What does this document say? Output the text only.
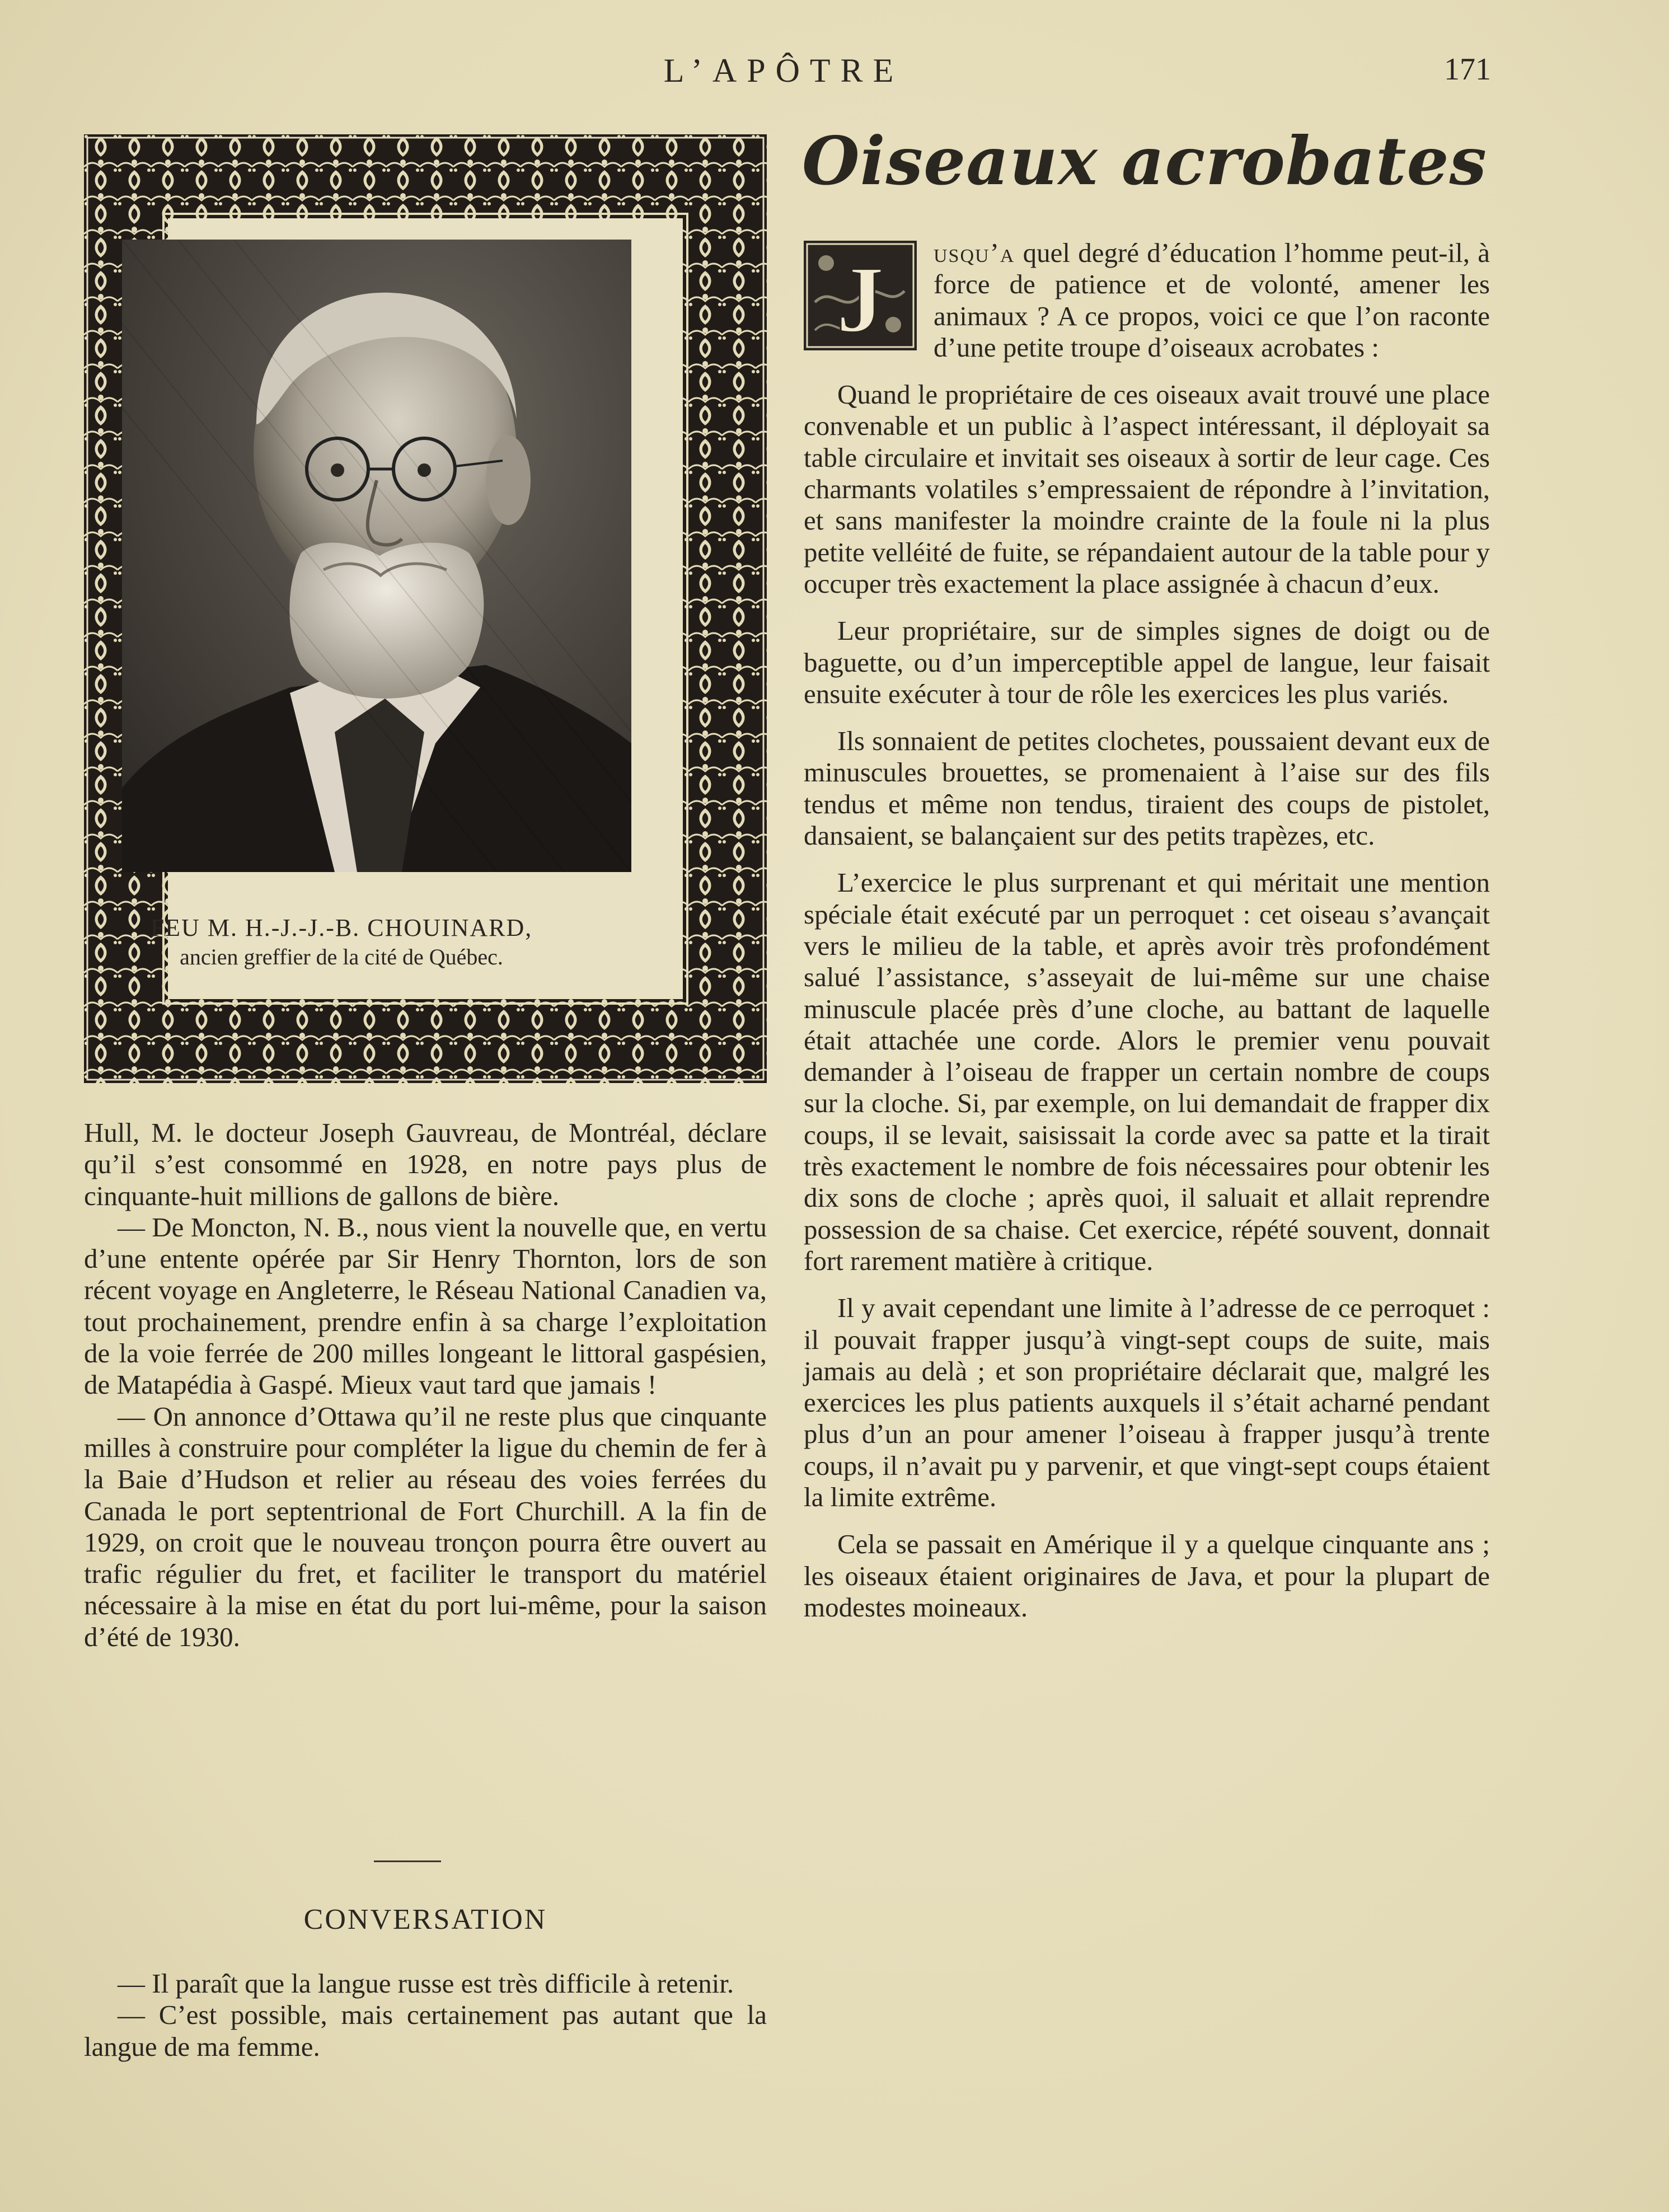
L’APÔTRE	171
FEU M. H.-J.-J.-B. CHOUINARD,
ancien greffier de la cité de Québec.

Hull, M. le docteur Joseph Gauvreau, de Montréal, déclare qu’il s’est consommé en 1928, en notre pays plus de cinquante-huit millions de gallons de bière.

— De Moncton, N. B., nous vient la nouvelle que, en vertu d’une entente opérée par Sir Henry Thornton, lors de son récent voyage en Angleterre, le Réseau National Canadien va, tout prochainement, prendre enfin à sa charge l’exploitation de la voie ferrée de 200 milles longeant le littoral gaspésien, de Matapédia à Gaspé. Mieux vaut tard que jamais !

— On annonce d’Ottawa qu’il ne reste plus que cinquante milles à construire pour compléter la ligue du chemin de fer à la Baie d’Hudson et relier au réseau des voies ferrées du Canada le port septentrional de Fort Churchill. A la fin de 1929, on croit que le nouveau tronçon pourra être ouvert au trafic régulier du fret, et faciliter le transport du matériel nécessaire à la mise en état du port lui-même, pour la saison d’été de 1930.

CONVERSATION

— Il paraît que la langue russe est très difficile à retenir.

— C’est possible, mais certainement pas autant que la langue de ma femme.

Oiseaux acrobates

usqu’a quel degré d’éducation l’homme peut-il, à force de patience et de volonté, amener les animaux ? A ce propos, voici ce que l’on raconte d’une petite troupe d’oiseaux acrobates :

Quand le propriétaire de ces oiseaux avait trouvé une place convenable et un public à l’aspect intéressant, il déployait sa table circulaire et invitait ses oiseaux à sortir de leur cage. Ces charmants volatiles s’empressaient de répondre à l’invitation, et sans manifester la moindre crainte de la foule ni la plus petite velléité de fuite, se répandaient autour de la table pour y occuper très exactement la place assignée à chacun d’eux.

Leur propriétaire, sur de simples signes de doigt ou de baguette, ou d’un imperceptible appel de langue, leur faisait ensuite exécuter à tour de rôle les exercices les plus variés.

Ils sonnaient de petites clochetes, poussaient devant eux de minuscules brouettes, se promenaient à l’aise sur des fils tendus et même non tendus, tiraient des coups de pistolet, dansaient, se balançaient sur des petits trapèzes, etc.

L’exercice le plus surprenant et qui méritait une mention spéciale était exécuté par un perroquet : cet oiseau s’avançait vers le milieu de la table, et après avoir très profondément salué l’assistance, s’asseyait de lui-même sur une chaise minuscule placée près d’une cloche, au battant de laquelle était attachée une corde. Alors le premier venu pouvait demander à l’oiseau de frapper un certain nombre de coups sur la cloche. Si, par exemple, on lui demandait de frapper dix coups, il se levait, saisissait la corde avec sa patte et la tirait très exactement le nombre de fois nécessaires pour obtenir les dix sons de cloche ; après quoi, il saluait et allait reprendre possession de sa chaise. Cet exercice, répété souvent, donnait fort rarement matière à critique.

Il y avait cependant une limite à l’adresse de ce perroquet : il pouvait frapper jusqu’à vingt-sept coups de suite, mais jamais au delà ; et son propriétaire déclarait que, malgré les exercices les plus patients auxquels il s’était acharné pendant plus d’un an pour amener l’oiseau à frapper jusqu’à trente coups, il n’avait pu y parvenir, et que vingt-sept coups étaient la limite extrême.

Cela se passait en Amérique il y a quelque cinquante ans ; les oiseaux étaient originaires de Java, et pour la plupart de modestes moineaux.

J
